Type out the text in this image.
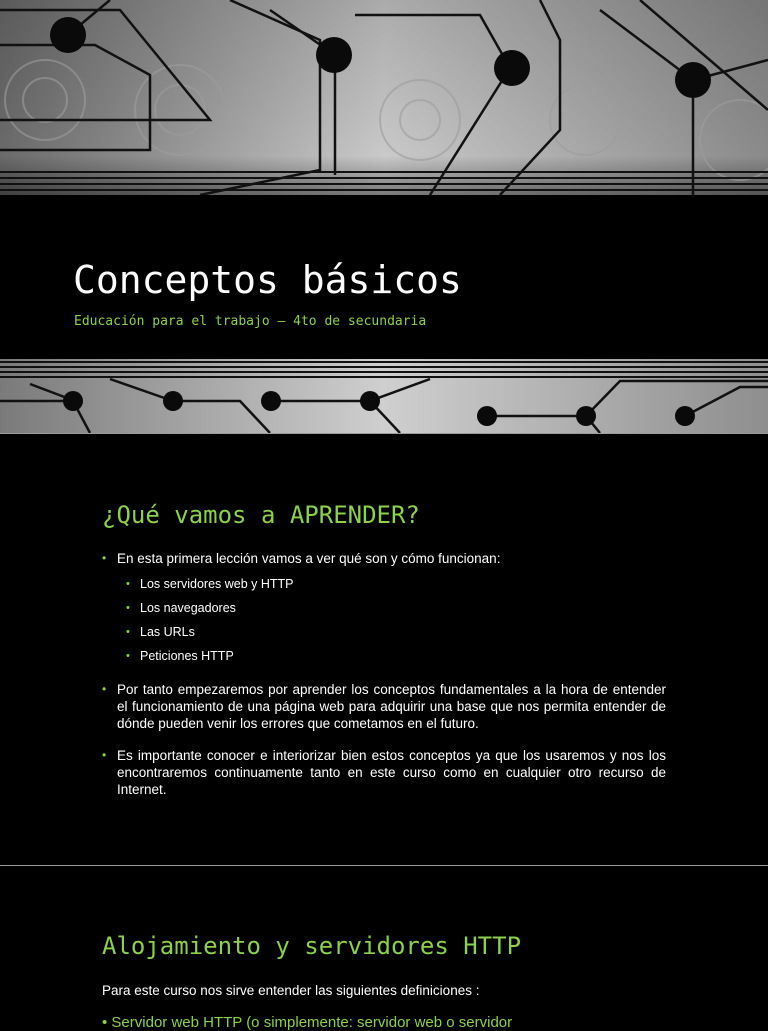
Conceptos básicos

Educación para el trabajo – 4to de secundaria

¿Qué vamos a APRENDER?
• En esta primera lección vamos a ver qué son y cómo funcionan:
• Los servidores web y HTTP
• Los navegadores
• Las URLs
• Peticiones HTTP
• Por tanto empezaremos por aprender los conceptos fundamentales a la hora de entender el funcionamiento de una página web para adquirir una base que nos permita entender de dónde pueden venir los errores que cometamos en el futuro.
• Es importante conocer e interiorizar bien estos conceptos ya que los usaremos y nos los encontraremos continuamente tanto en este curso como en cualquier otro recurso de Internet.
Alojamiento y servidores HTTP

Para este curso nos sirve entender las siguientes definiciones :

• Servidor web HTTP (o simplemente: servidor web o servidor
